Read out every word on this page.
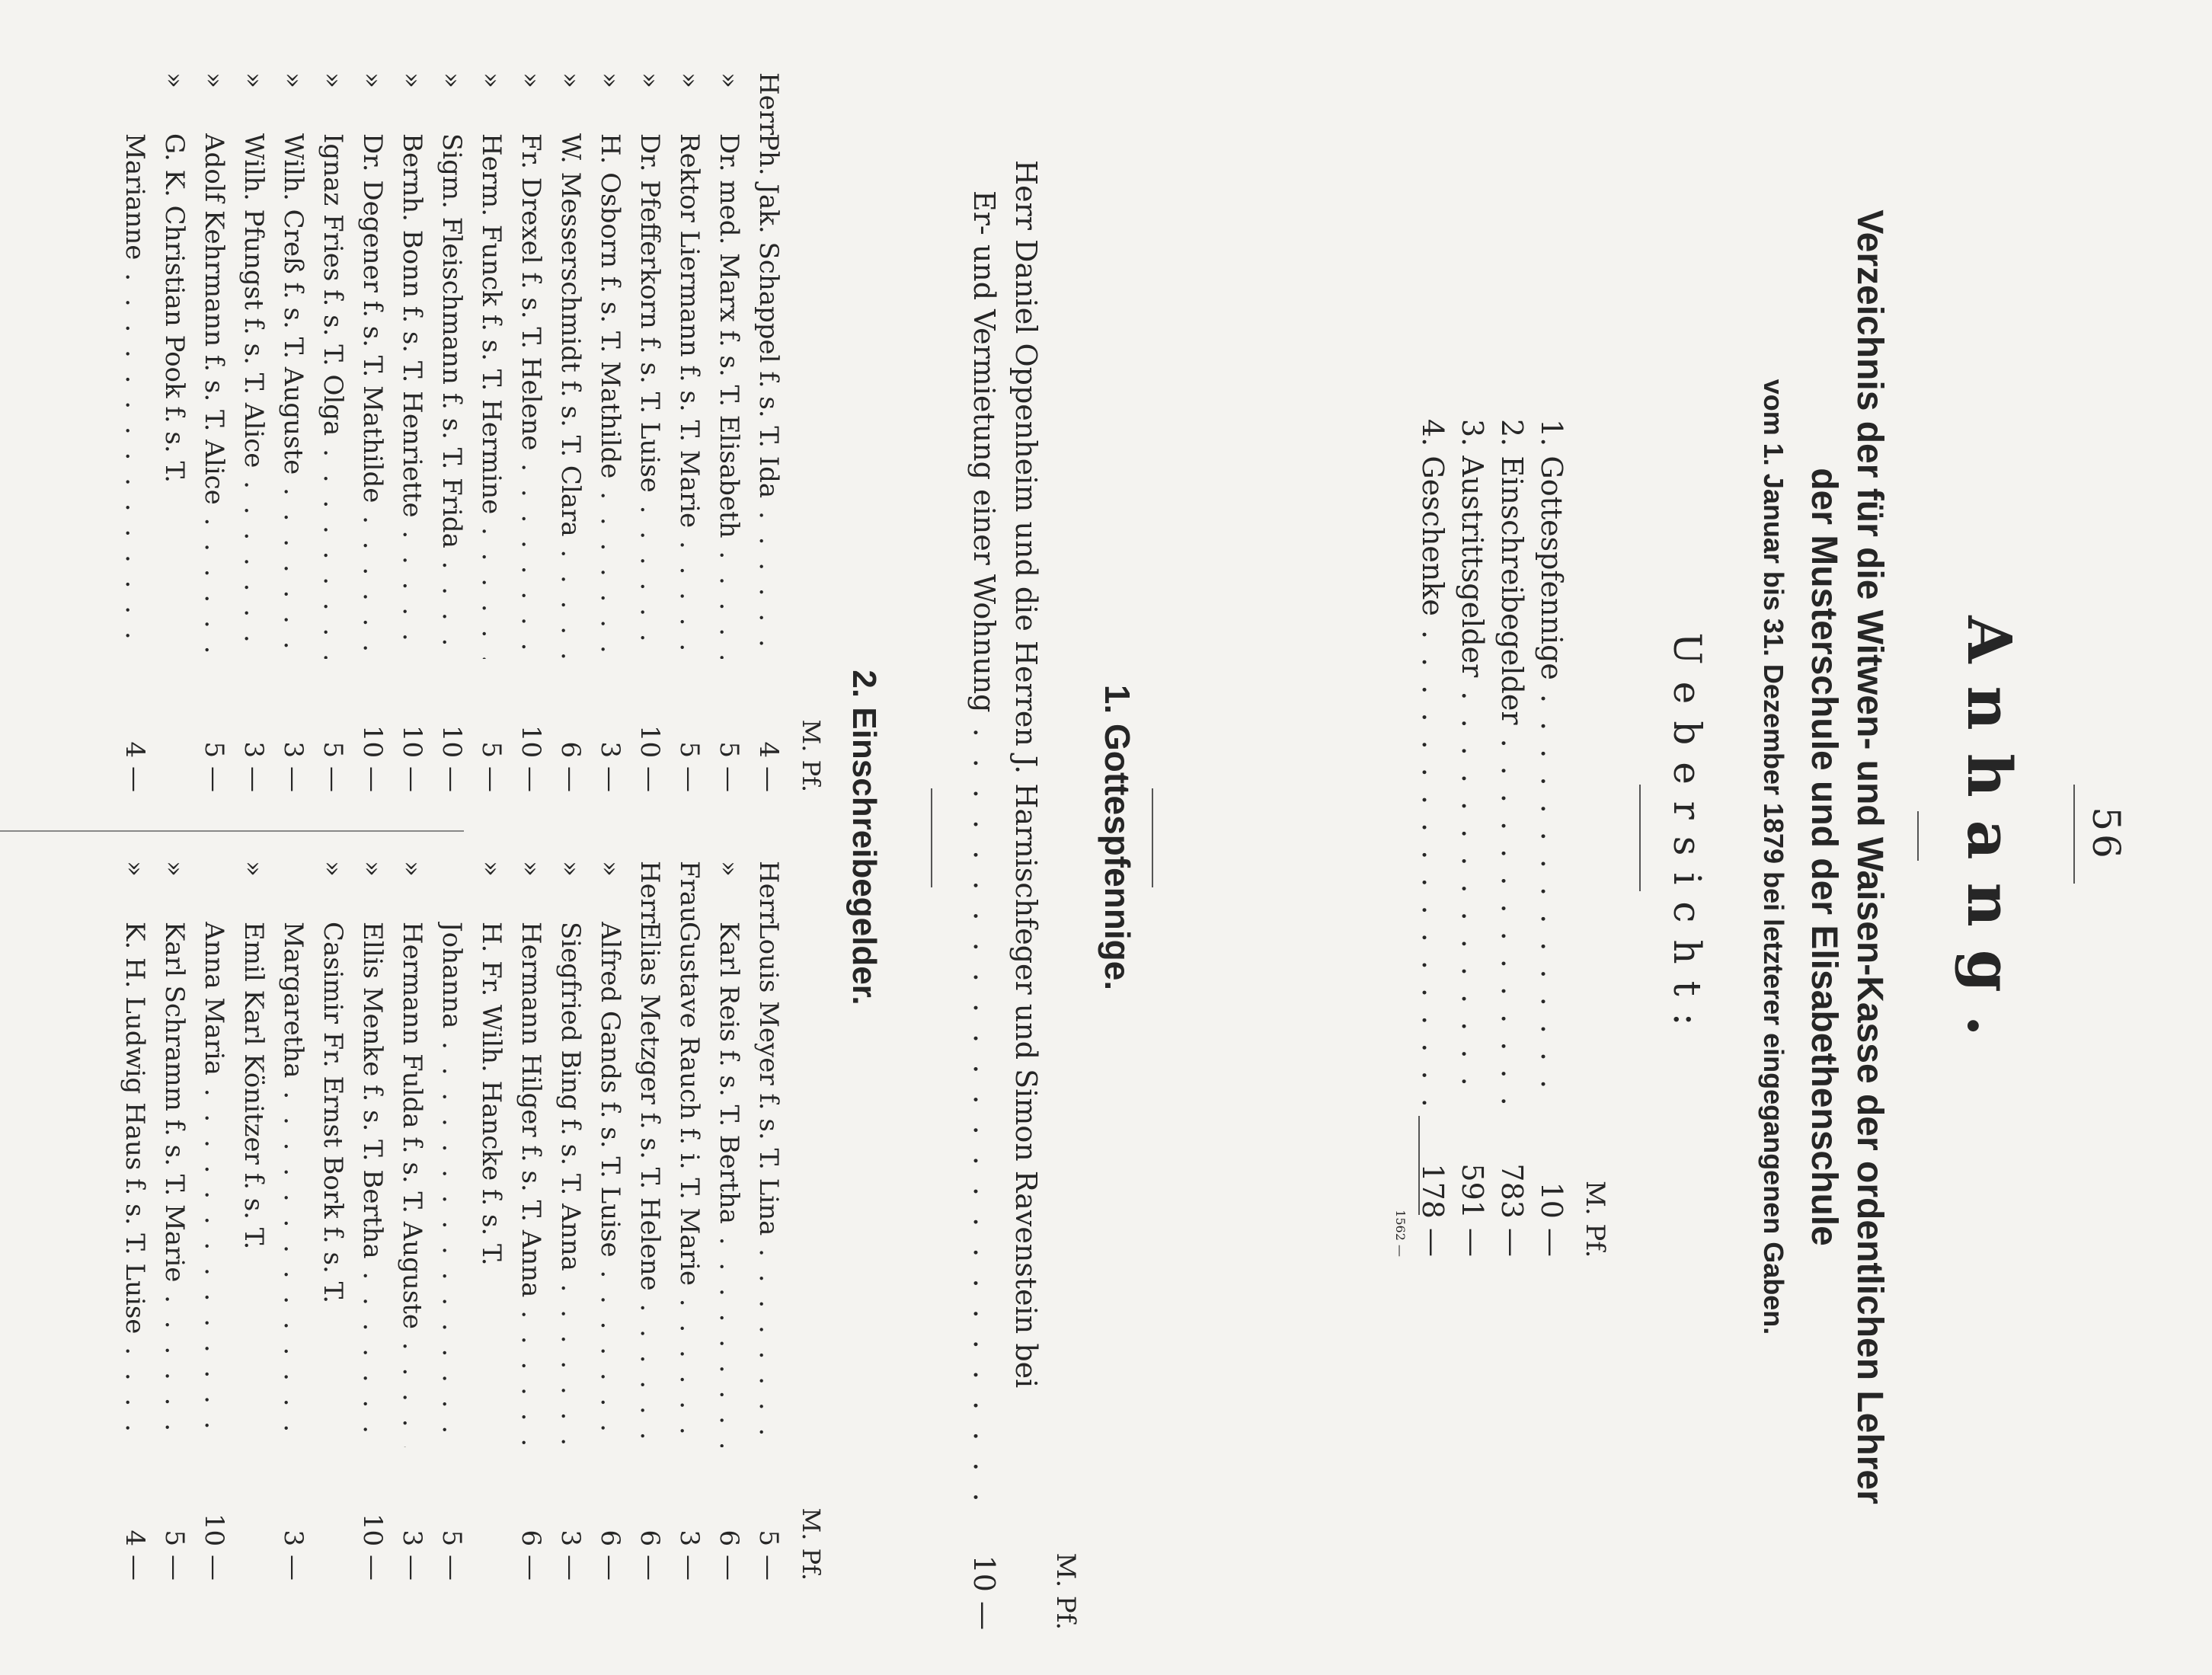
56
Anhang.
Verzeichnis der für die Witwen- und Waisen-Kasse der ordentlichen Lehrer der Musterschule und der Elisabethenschule
vom 1. Januar bis 31. Dezember 1879 bei letzterer eingegangenen Gaben.
Uebersicht:
M. Pf.
1. Gottespfennige . . .
10 —
2. Einschreibegelder . . .
783 —
3. Austrittsgelder . . .
591 —
4. Geschenke . . .
178 —
1562 —
1. Gottespfennige.
M. Pf.
Herr Daniel Oppenheim und die Herren J. Harnischfeger und Simon Ravenstein bei
Er- und Vermietung einer Wohnung . . .
10 —
2. Einschreibegelder.
M. Pf.
Herr
Ph. Jak. Schappel f. s. T. Ida . . .
4 —
»
Dr. med. Marx f. s. T. Elisabeth . . .
5 —
»
Rektor Liermann f. s. T. Marie . . .
5 —
»
Dr. Pfefferkorn f. s. T. Luise . . .
10 —
»
H. Osborn f. s. T. Mathilde . . .
3 —
»
W. Messerschmidt f. s. T. Clara . . .
6 —
»
Fr. Drexel f. s. T. Helene . . .
10 —
»
Herm. Funck f. s. T. Hermine . . .
5 —
»
Sigm. Fleischmann f. s. T. Frida . . .
10 —
»
Bernh. Bonn f. s. T. Henriette . . .
10 —
»
Dr. Degener f. s. T. Mathilde . . .
10 —
»
Ignaz Fries f. s. T. Olga . . .
5 —
»
Wilh. Creß f. s. T. Auguste . . .
3 —
»
Wilh. Pfungst f. s. T. Alice . . .
3 —
»
Adolf Kehrmann f. s. T. Alice . . .
5 —
»
G. K. Christian Pook f. s. T.
Marianne . . .
4 —
M. Pf.
Herr
Louis Meyer f. s. T. Lina . . .
5 —
»
Karl Reis f. s. T. Bertha . . .
6 —
Frau
Gustave Rauch f. i. T. Marie . . .
3 —
Herr
Elias Metzger f. s. T. Helene . . .
6 —
»
Alfred Gands f. s. T. Luise . . .
6 —
»
Siegfried Bing f. s. T. Anna . . .
3 —
»
Hermann Hilger f. s. T. Anna . . .
6 —
»
H. Fr. Wilh. Hancke f. s. T.
Johanna . . .
5 —
»
Hermann Fulda f. s. T. Auguste . . .
3 —
»
Ellis Menke f. s. T. Bertha . . .
10 —
»
Casimir Fr. Ernst Bork f. s. T.
Margaretha . . .
3 —
»
Emil Karl Könitzer f. s. T.
Anna Maria . . .
10 —
»
Karl Schramm f. s. T. Marie . . .
5 —
»
K. H. Ludwig Haus f. s. T. Luise . . .
4 —
